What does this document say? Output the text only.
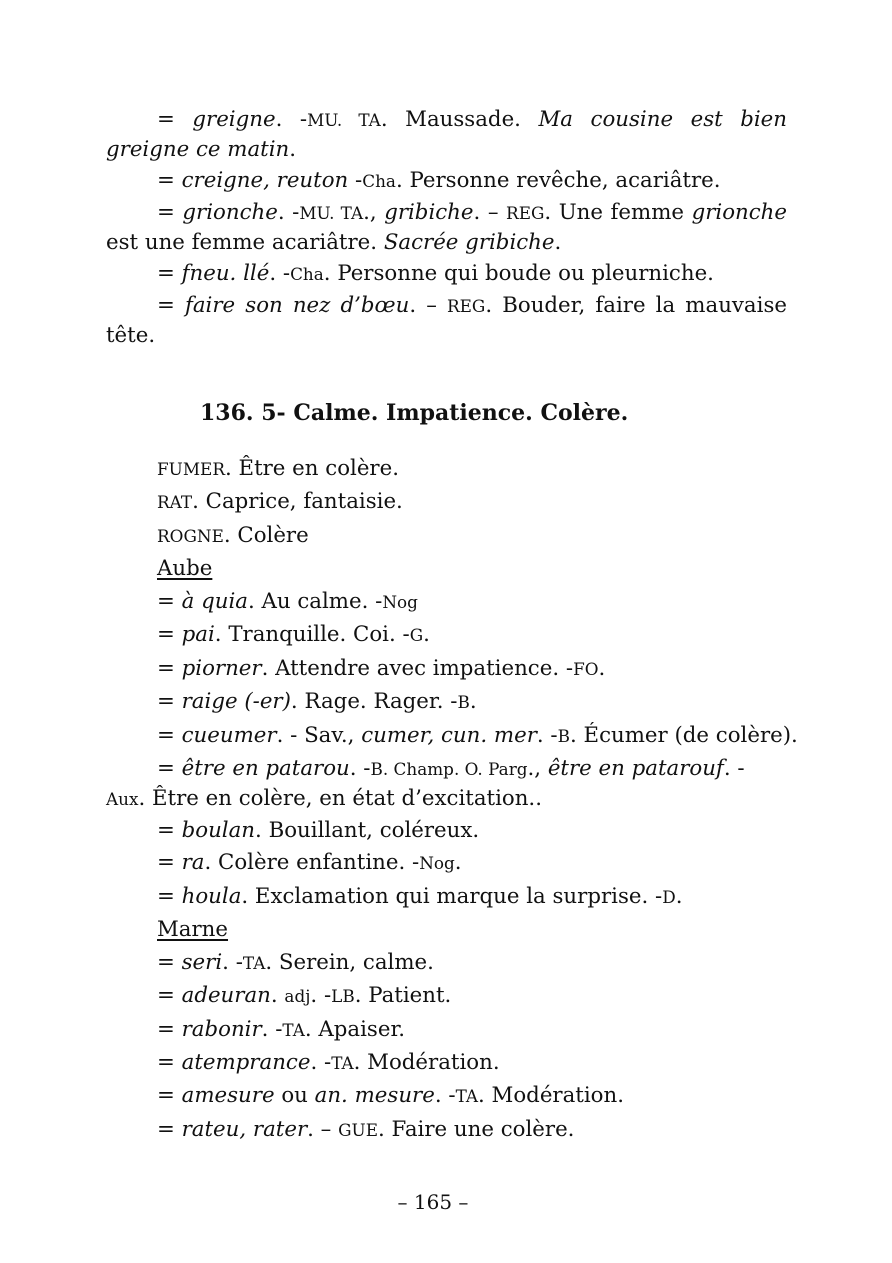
= greigne. -MU. TA. Maussade. Ma cousine est bien greigne ce matin.

= creigne, reuton -Cha. Personne revêche, acariâtre.

= grionche. -MU. TA., gribiche. – REG. Une femme grionche est une femme acariâtre. Sacrée gribiche.

= fneu. llé. -Cha. Personne qui boude ou pleurniche.

= faire son nez d’bœu. – REG. Bouder, faire la mauvaise tête.

136. 5- Calme. Impatience. Colère.
FUMER. Être en colère.
RAT. Caprice, fantaisie.
ROGNE. Colère
Aube
= à quia. Au calme. -Nog
= pai. Tranquille. Coi. -G.
= piorner. Attendre avec impatience. -FO.
= raige (-er). Rage. Rager. -B.
= cueumer. - Sav., cumer, cun. mer. -B. Écumer (de colère).

= être en patarou. -B. Champ. O. Parg., être en patarouf. - Aux. Être en colère, en état d’excitation..

= boulan. Bouillant, coléreux.
= ra. Colère enfantine. -Nog.
= houla. Exclamation qui marque la surprise. -D.
Marne
= seri. -TA. Serein, calme.
= adeuran. adj. -LB. Patient.
= rabonir. -TA. Apaiser.
= atemprance. -TA. Modération.
= amesure ou an. mesure. -TA. Modération.
= rateu, rater. – GUE. Faire une colère.
– 165 –
